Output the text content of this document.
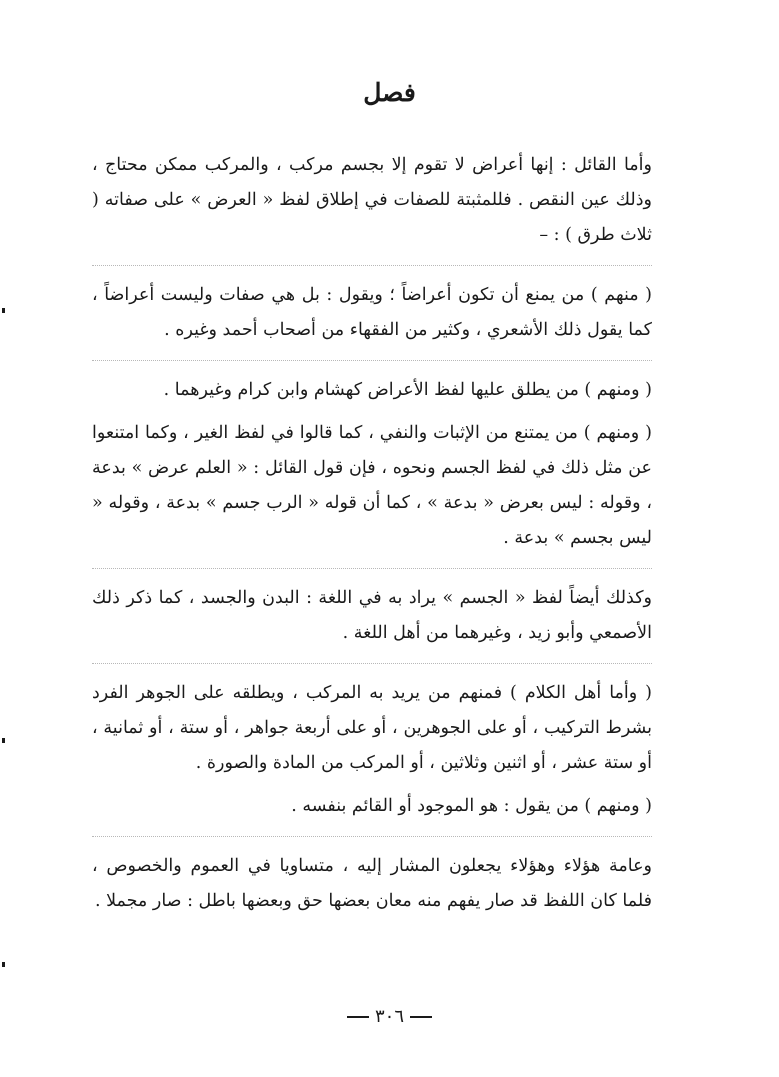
فصل

وأما القائل : إنها أعراض لا تقوم إلا بجسم مركب ، والمركب ممكن محتاج ، وذلك عين النقص . فللمثبتة للصفات في إطلاق لفظ « العرض » على صفاته ( ثلاث طرق ) : –

( منهم ) من يمنع أن تكون أعراضاً ؛ ويقول : بل هي صفات وليست أعراضاً ، كما يقول ذلك الأشعري ، وكثير من الفقهاء من أصحاب أحمد وغيره .

( ومنهم ) من يطلق عليها لفظ الأعراض كهشام وابن كرام وغيرهما .

( ومنهم ) من يمتنع من الإثبات والنفي ، كما قالوا في لفظ الغير ، وكما امتنعوا عن مثل ذلك في لفظ الجسم ونحوه ، فإن قول القائل : « العلم عرض » بدعة ، وقوله : ليس بعرض « بدعة » ، كما أن قوله « الرب جسم » بدعة ، وقوله « ليس بجسم » بدعة .

وكذلك أيضاً لفظ « الجسم » يراد به في اللغة : البدن والجسد ، كما ذكر ذلك الأصمعي وأبو زيد ، وغيرهما من أهل اللغة .

( وأما أهل الكلام ) فمنهم من يريد به المركب ، ويطلقه على الجوهر الفرد بشرط التركيب ، أو على الجوهرين ، أو على أربعة جواهر ، أو ستة ، أو ثمانية ، أو ستة عشر ، أو اثنين وثلاثين ، أو المركب من المادة والصورة .

( ومنهم ) من يقول : هو الموجود أو القائم بنفسه .

وعامة هؤلاء وهؤلاء يجعلون المشار إليه ، متساويا في العموم والخصوص ، فلما كان اللفظ قد صار يفهم منه معان بعضها حق وبعضها باطل : صار مجملا .

٣٠٦
